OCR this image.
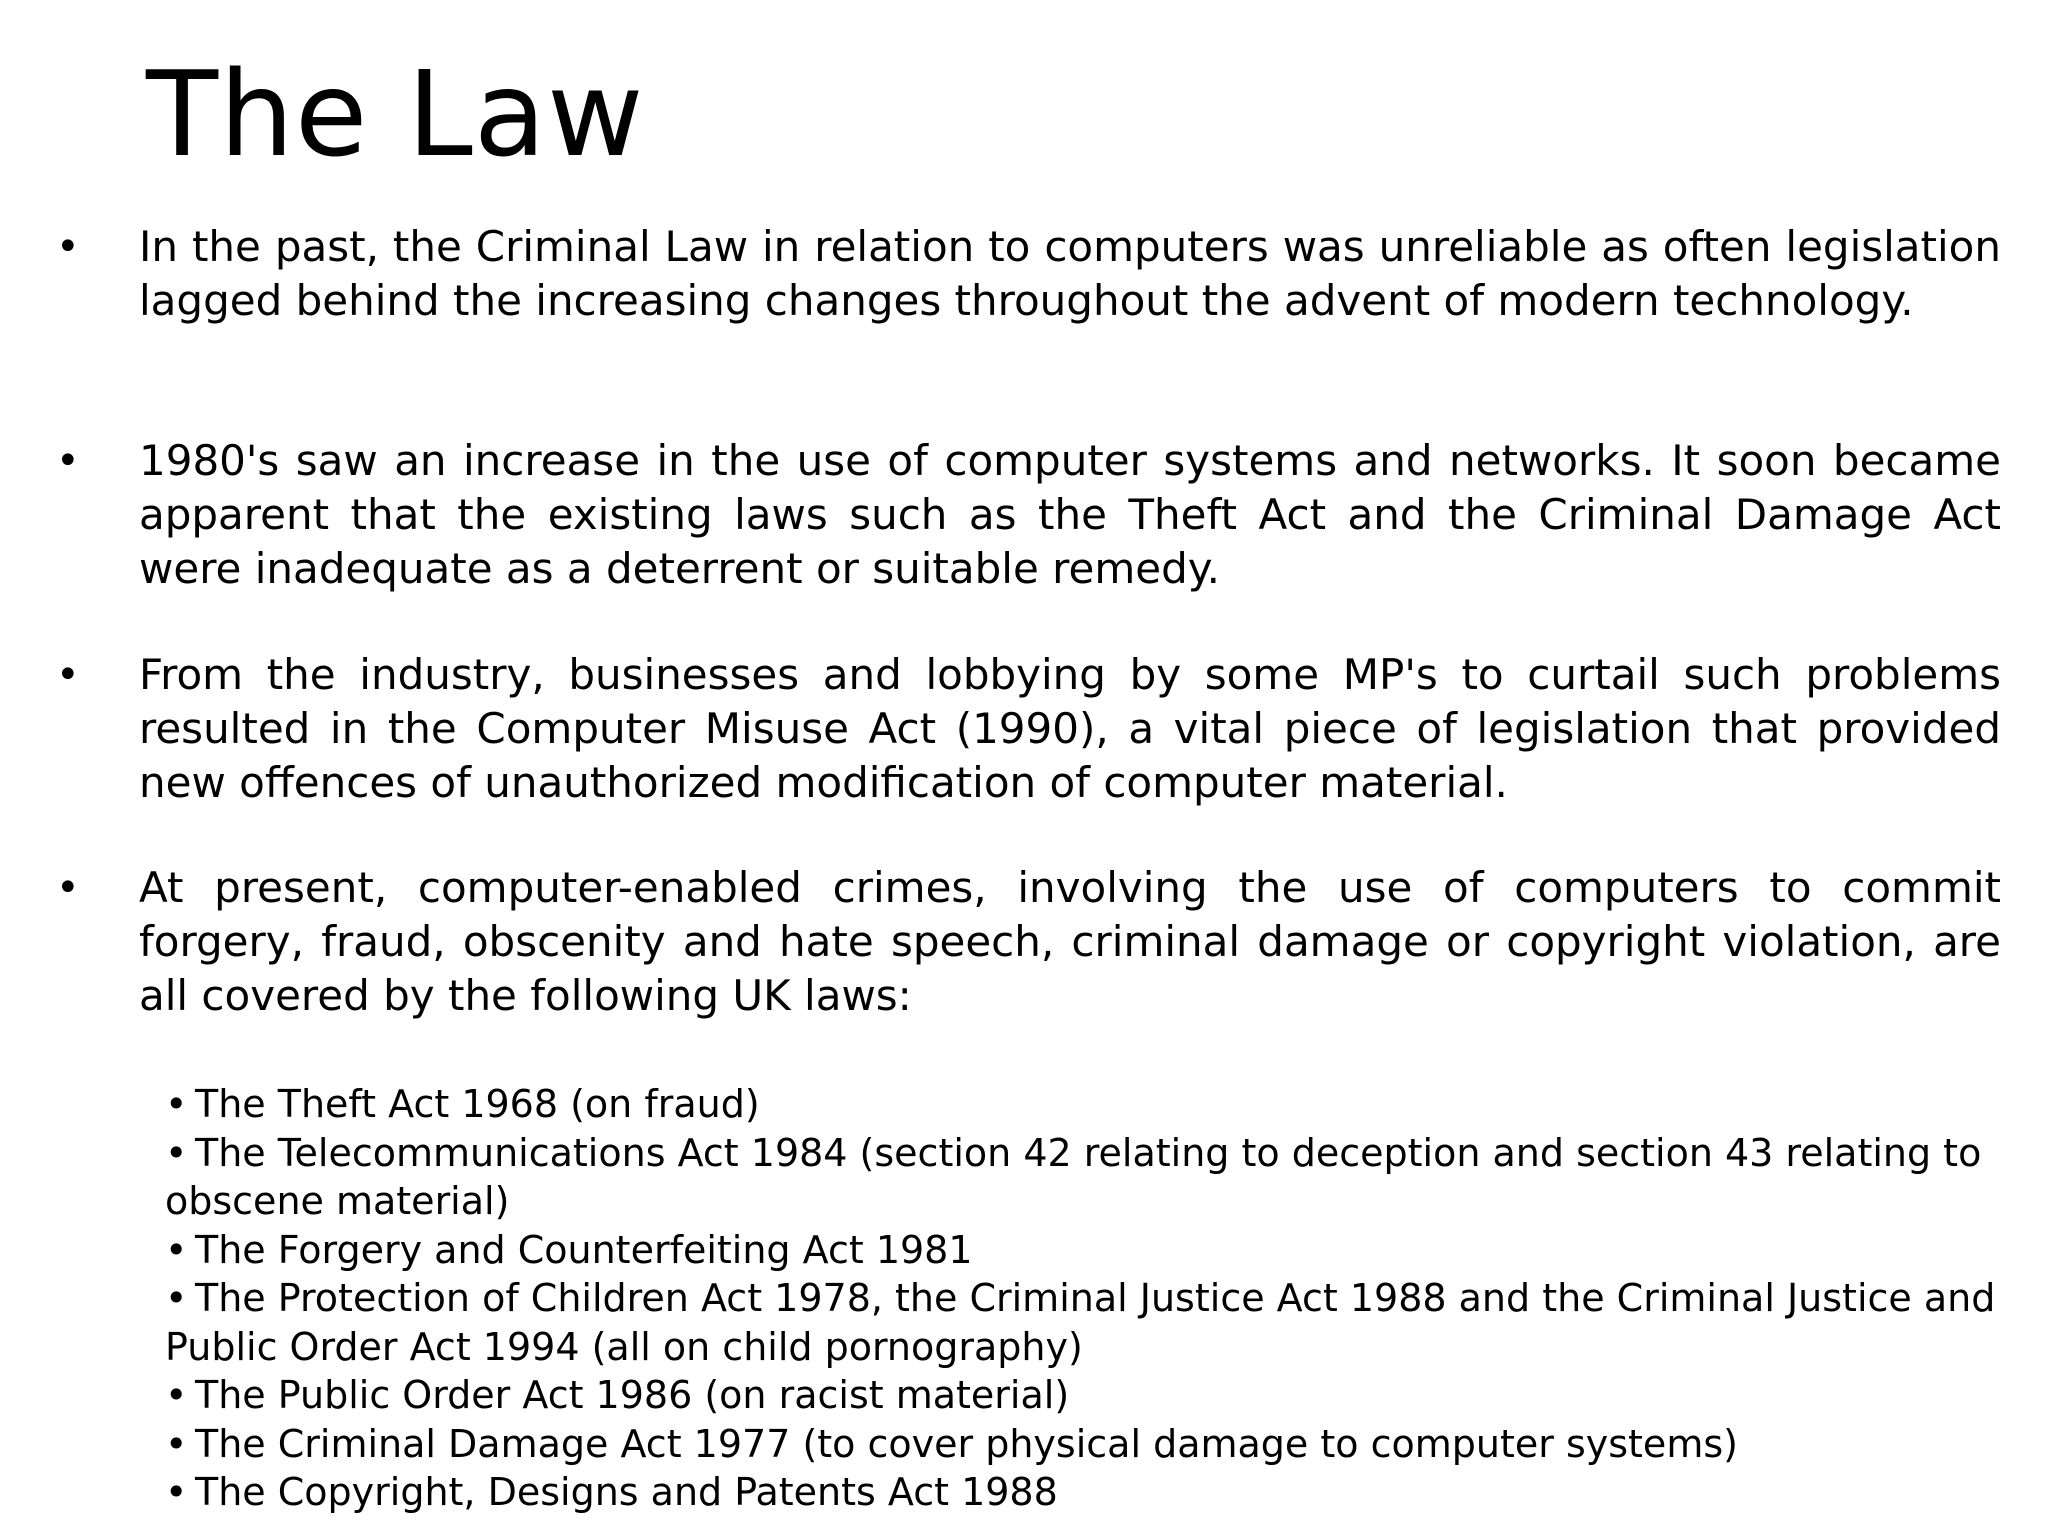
The Law
• In the past, the Criminal Law in relation to computers was unreliable as often legislation lagged behind the increasing changes throughout the advent of modern technology.

• 1980's saw an increase in the use of computer systems and networks. It soon became apparent that the existing laws such as the Theft Act and the Criminal Damage Act were inadequate as a deterrent or suitable remedy.

• From the industry, businesses and lobbying by some MP's to curtail such problems resulted in the Computer Misuse Act (1990), a vital piece of legislation that provided new offences of unauthorized modification of computer material.

• At present, computer-enabled crimes, involving the use of computers to commit forgery, fraud, obscenity and hate speech, criminal damage or copyright violation, are all covered by the following UK laws:

• The Theft Act 1968 (on fraud)
• The Telecommunications Act 1984 (section 42 relating to deception and section 43 relating to obscene material)
• The Forgery and Counterfeiting Act 1981
• The Protection of Children Act 1978, the Criminal Justice Act 1988 and the Criminal Justice and Public Order Act 1994 (all on child pornography)
• The Public Order Act 1986 (on racist material)
• The Criminal Damage Act 1977 (to cover physical damage to computer systems)
• The Copyright, Designs and Patents Act 1988
